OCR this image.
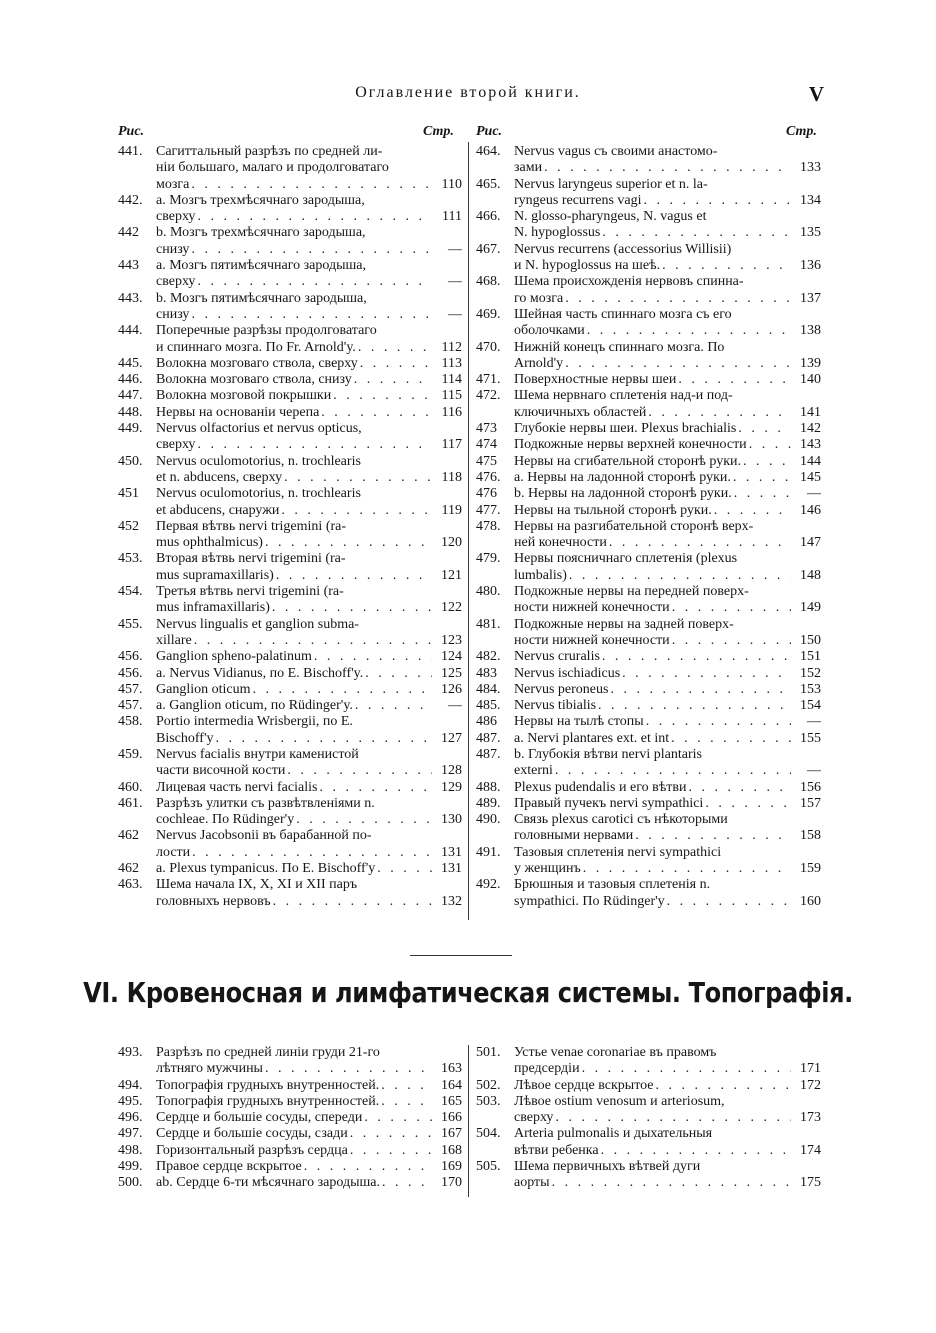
Оглавление второй книги.	V
Рис.	Стр. Рис.	Стр.
441. Сагиттальный разрѣзъ по средней ли-
ніи большаго, малаго и продолговатаго
мозга . . .	110
442. a. Мозгъ трехмѣсячнаго зародыша,
сверху . . .	111
442	b. Мозгъ трехмѣсячнаго зародыша,
снизу . . .	—
443	a. Мозгъ пятимѣсячнаго зародыша,
сверху . . .	—
443. b. Мозгъ пятимѣсячнаго зародыша,
снизу . . .	—
444. Поперечные разрѣзы продолговатаго
и спиннаго мозга. По Fr. Arnold'y. . . .	112
445. Волокна мозговаго ствола, сверху . . .	113
446. Волокна мозговаго ствола, снизу . . .	114
447. Волокна мозговой покрышки . . .	115
448. Нервы на основаніи черепа . . .	116
449. Nervus olfactorius et nervus opticus,
сверху . . .	117
450. Nervus oculomotorius, n. trochlearis
et n. abducens, сверху . . .	118
451	Nervus oculomotorius, n. trochlearis
et abducens, снаружи . . .	119
452	Первая вѣтвь nervi trigemini (ra-
mus ophthalmicus) . . .	120
453. Вторая вѣтвь nervi trigemini (ra-
mus supramaxillaris) . . .	121
454. Третья вѣтвь nervi trigemini (ra-
mus inframaxillaris) . . .	122
455. Nervus lingualis et ganglion subma-
xillare . . .	123
456. Ganglion spheno-palatinum . . .	124
456. a. Nervus Vidianus, по E. Bischoff'y. . . .	125
457. Ganglion oticum . . .	126
457. a. Ganglion oticum, по Rüdinger'y. . . .	—
458. Portio intermedia Wrisbergii, по E.
Bischoff'y . . .	127
459. Nervus facialis внутри каменистой
части височной кости . . .	128
460. Лицевая часть nervi facialis . . .	129
461. Разрѣзъ улитки съ развѣтвленіями n.
cochleae. По Rüdinger'y . . .	130
462	Nervus Jacobsonii въ барабанной по-
лости . . .	131
462	a. Plexus tympanicus. По E. Bischoff'y . . .	131
463. Шема начала IX, X, XI и XII паръ
головныхъ нервовъ . . .	132
464. Nervus vagus съ своими анастомо-
зами . . .	133
465. Nervus laryngeus superior et n. la-
ryngeus recurrens vagi . . .	134
466. N. glosso-pharyngeus, N. vagus et
N. hypoglossus . . .	135
467. Nervus recurrens (accessorius Willisii)
и N. hypoglossus на шеѣ. . . .	136
468. Шема происхожденія нервовъ спинна-
го мозга . . .	137
469. Шейная часть спиннаго мозга съ его
оболочками . . .	138
470. Нижній конецъ спиннаго мозга. По
Arnold'y . . .	139
471. Поверхностные нервы шеи . . .	140
472. Шема нервнаго сплетенія над-и под-
ключичныхъ областей . . .	141
473	Глубокіе нервы шеи. Plexus brachialis . . .	142
474	Подкожные нервы верхней конечности . . .	143
475	Нервы на сгибательной сторонѣ руки. . . .	144
476. a. Нервы на ладонной сторонѣ руки. . . .	145
476	b. Нервы на ладонной сторонѣ руки. . . .	—
477. Нервы на тыльной сторонѣ руки. . . .	146
478. Нервы на разгибательной сторонѣ верх-
ней конечности . . .	147
479. Нервы поясничнаго сплетенія (plexus
lumbalis) . . .	148
480. Подкожные нервы на передней поверх-
ности нижней конечности . . .	149
481. Подкожные нервы на задней поверх-
ности нижней конечности . . .	150
482. Nervus cruralis . . .	151
483	Nervus ischiadicus . . .	152
484. Nervus peroneus . . .	153
485. Nervus tibialis . . .	154
486	Нервы на тылѣ стопы . . .	—
487. a. Nervi plantares ext. et int . . .	155
487. b. Глубокія вѣтви nervi plantaris
externi . . .	—
488. Plexus pudendalis и его вѣтви . . .	156
489. Правый пучекъ nervi sympathici . . .	157
490. Связь plexus carotici съ нѣкоторыми
головными нервами . . .	158
491. Тазовыя сплетенія nervi sympathici
у женщинъ . . .	159
492. Брюшныя и тазовыя сплетенія n.
sympathici. По Rüdinger'y . . .	160
VI. Кровеносная и лимфатическая системы. Топографія.
493. Разрѣзъ по средней линіи груди 21-го
лѣтняго мужчины . . .	163
494. Топографія грудныхъ внутренностей. . . .	164
495. Топографія грудныхъ внутренностей. . . .	165
496. Сердце и большіе сосуды, спереди . . .	166
497. Сердце и большіе сосуды, сзади . . .	167
498. Горизонтальный разрѣзъ сердца . . .	168
499. Правое сердце вскрытое . . .	169
500. ab. Сердце 6-ти мѣсячнаго зародыша. . . .	170
501. Устье venae coronariae въ правомъ
предсердіи . . .	171
502. Лѣвое сердце вскрытое . . .	172
503. Лѣвое ostium venosum и arteriosum,
сверху . . .	173
504. Arteria pulmonalis и дыхательныя
вѣтви ребенка . . .	174
505. Шема первичныхъ вѣтвей дуги
аорты . . .	175
